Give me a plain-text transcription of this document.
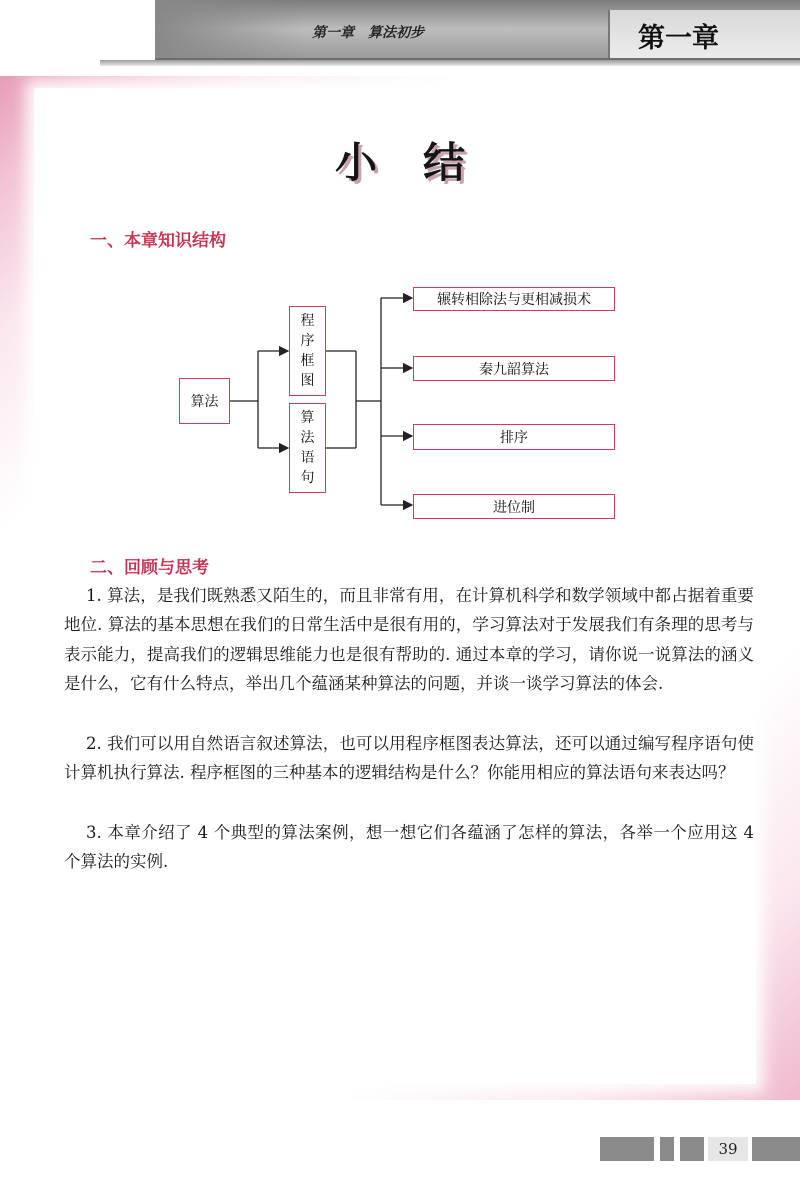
第一章　算法初步	第一章
小结
一、本章知识结构
算法
程
序
框
图
算
法
语
句
辗转相除法与更相减损术
秦九韶算法
排序
进位制
二、回顾与思考

1. 算法，是我们既熟悉又陌生的，而且非常有用，在计算机科学和数学领域中都占据着重要地位. 算法的基本思想在我们的日常生活中是很有用的，学习算法对于发展我们有条理的思考与表示能力，提高我们的逻辑思维能力也是很有帮助的. 通过本章的学习，请你说一说算法的涵义是什么，它有什么特点，举出几个蕴涵某种算法的问题，并谈一谈学习算法的体会.

2. 我们可以用自然语言叙述算法，也可以用程序框图表达算法，还可以通过编写程序语句使计算机执行算法. 程序框图的三种基本的逻辑结构是什么？你能用相应的算法语句来表达吗？

3. 本章介绍了 4 个典型的算法案例，想一想它们各蕴涵了怎样的算法，各举一个应用这 4 个算法的实例.

39
